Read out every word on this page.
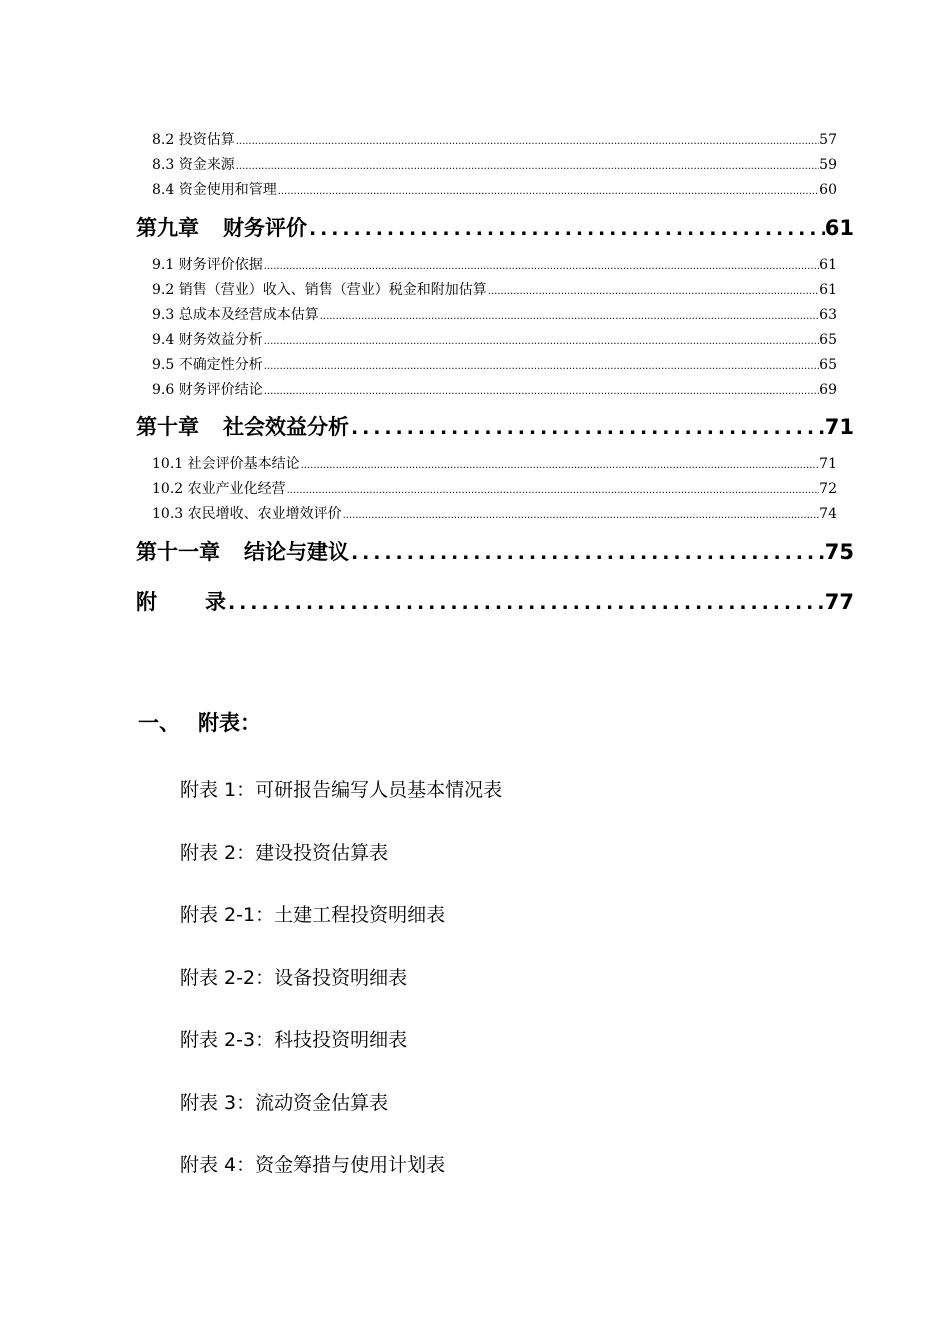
8.2 投资估算 .....	57
8.3 资金来源 .....	59
8.4 资金使用和管理 .....	60
第九章 财务评价 .....	61
9.1 财务评价依据 .....	61
9.2 销售（营业）收入、销售（营业）税金和附加估算 .....	61
9.3 总成本及经营成本估算 .....	63
9.4 财务效益分析 .....	65
9.5 不确定性分析 .....	65
9.6 财务评价结论 .....	69
第十章 社会效益分析 .....	71
10.1 社会评价基本结论 .....	71
10.2 农业产业化经营 .....	72
10.3 农民增收、农业增效评价 .....	74
第十一章 结论与建议 .....	75
附 录 .....	77
一、 附表：
附表 1：可研报告编写人员基本情况表
附表 2：建设投资估算表
附表 2-1：土建工程投资明细表
附表 2-2：设备投资明细表
附表 2-3：科技投资明细表
附表 3：流动资金估算表
附表 4：资金筹措与使用计划表
